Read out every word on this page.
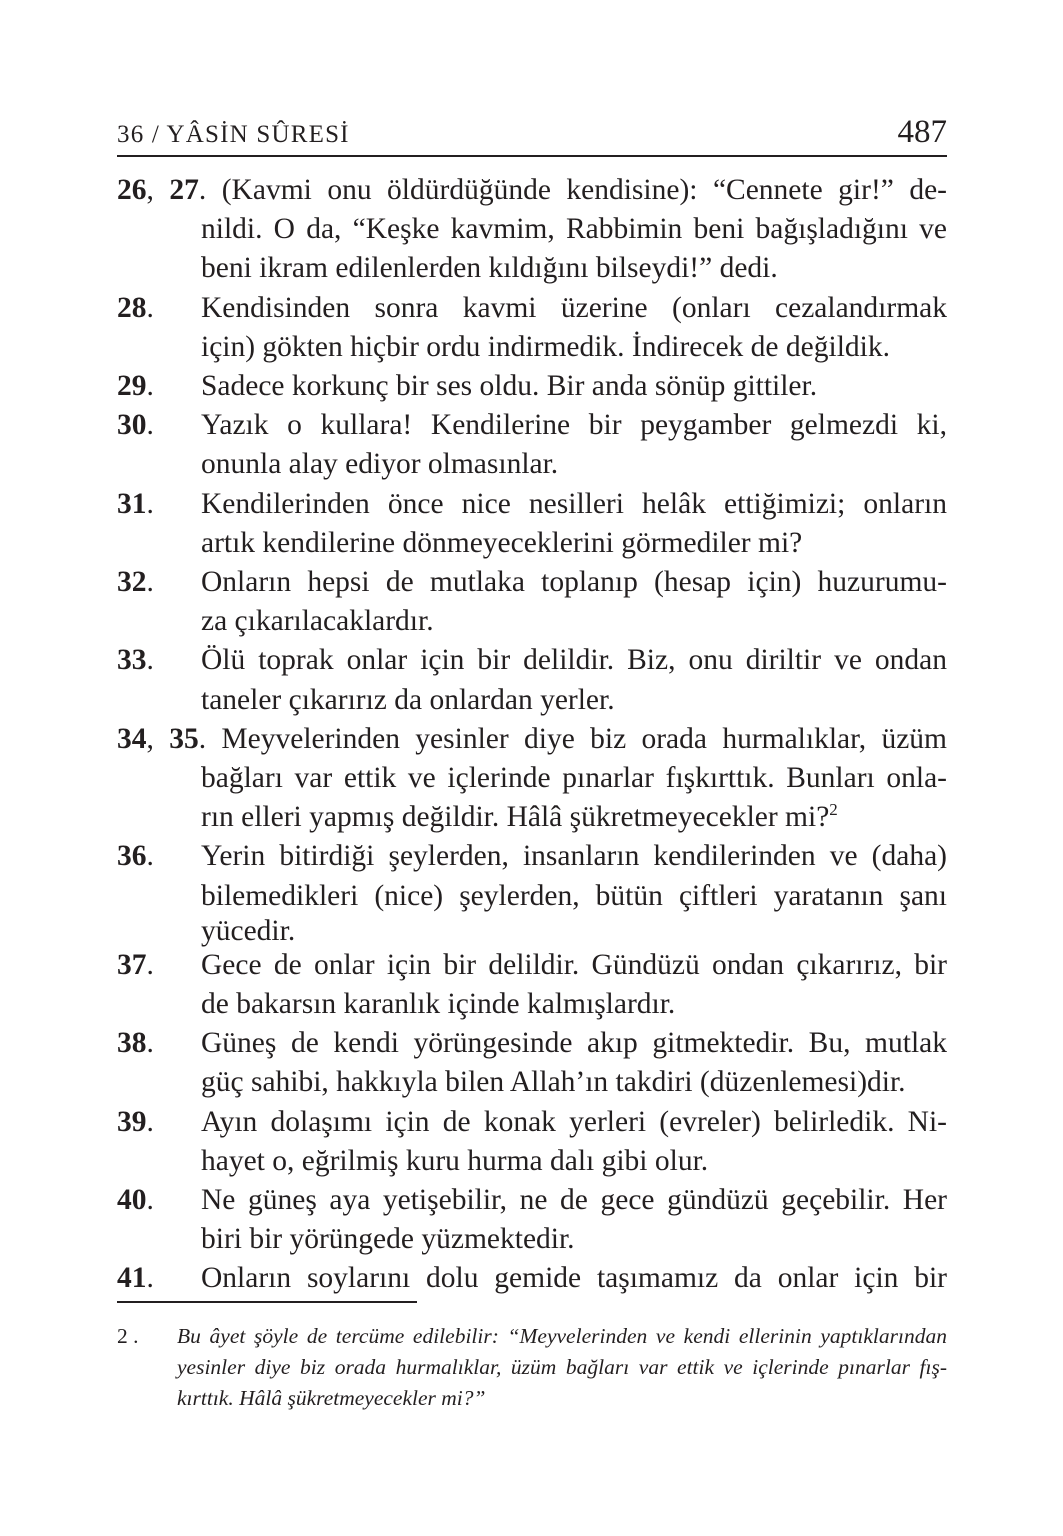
36 / YÂSİN SÛRESİ	487
26, 27. (Kavmi onu öldürdüğünde kendisine): “Cennete gir!” de-
nildi. O da, “Keşke kavmim, Rabbimin beni bağışladığını ve
beni ikram edilenlerden kıldığını bilseydi!” dedi.
28. Kendisinden sonra kavmi üzerine (onları cezalandırmak
için) gökten hiçbir ordu indirmedik. İndirecek de değildik.
29. Sadece korkunç bir ses oldu. Bir anda sönüp gittiler.
30. Yazık o kullara! Kendilerine bir peygamber gelmezdi ki,
onunla alay ediyor olmasınlar.
31. Kendilerinden önce nice nesilleri helâk ettiğimizi; onların
artık kendilerine dönmeyeceklerini görmediler mi?
32. Onların hepsi de mutlaka toplanıp (hesap için) huzurumu-
za çıkarılacaklardır.
33. Ölü toprak onlar için bir delildir. Biz, onu diriltir ve ondan
taneler çıkarırız da onlardan yerler.
34, 35. Meyvelerinden yesinler diye biz orada hurmalıklar, üzüm
bağları var ettik ve içlerinde pınarlar fışkırttık. Bunları onla-
rın elleri yapmış değildir. Hâlâ şükretmeyecekler mi?$^2$
36. Yerin bitirdiği şeylerden, insanların kendilerinden ve (daha)
bilemedikleri (nice) şeylerden, bütün çiftleri yaratanın şanı
yücedir.
37. Gece de onlar için bir delildir. Gündüzü ondan çıkarırız, bir
de bakarsın karanlık içinde kalmışlardır.
38. Güneş de kendi yörüngesinde akıp gitmektedir. Bu, mutlak
güç sahibi, hakkıyla bilen Allah’ın takdiri (düzenlemesi)dir.
39. Ayın dolaşımı için de konak yerleri (evreler) belirledik. Ni-
hayet o, eğrilmiş kuru hurma dalı gibi olur.
40. Ne güneş aya yetişebilir, ne de gece gündüzü geçebilir. Her
biri bir yörüngede yüzmektedir.
41. Onların soylarını dolu gemide taşımamız da onlar için bir
2 . Bu âyet şöyle de tercüme edilebilir: “Meyvelerinden ve kendi ellerinin yaptıklarından
yesinler diye biz orada hurmalıklar, üzüm bağları var ettik ve içlerinde pınarlar fış-
kırttık. Hâlâ şükretmeyecekler mi?”
